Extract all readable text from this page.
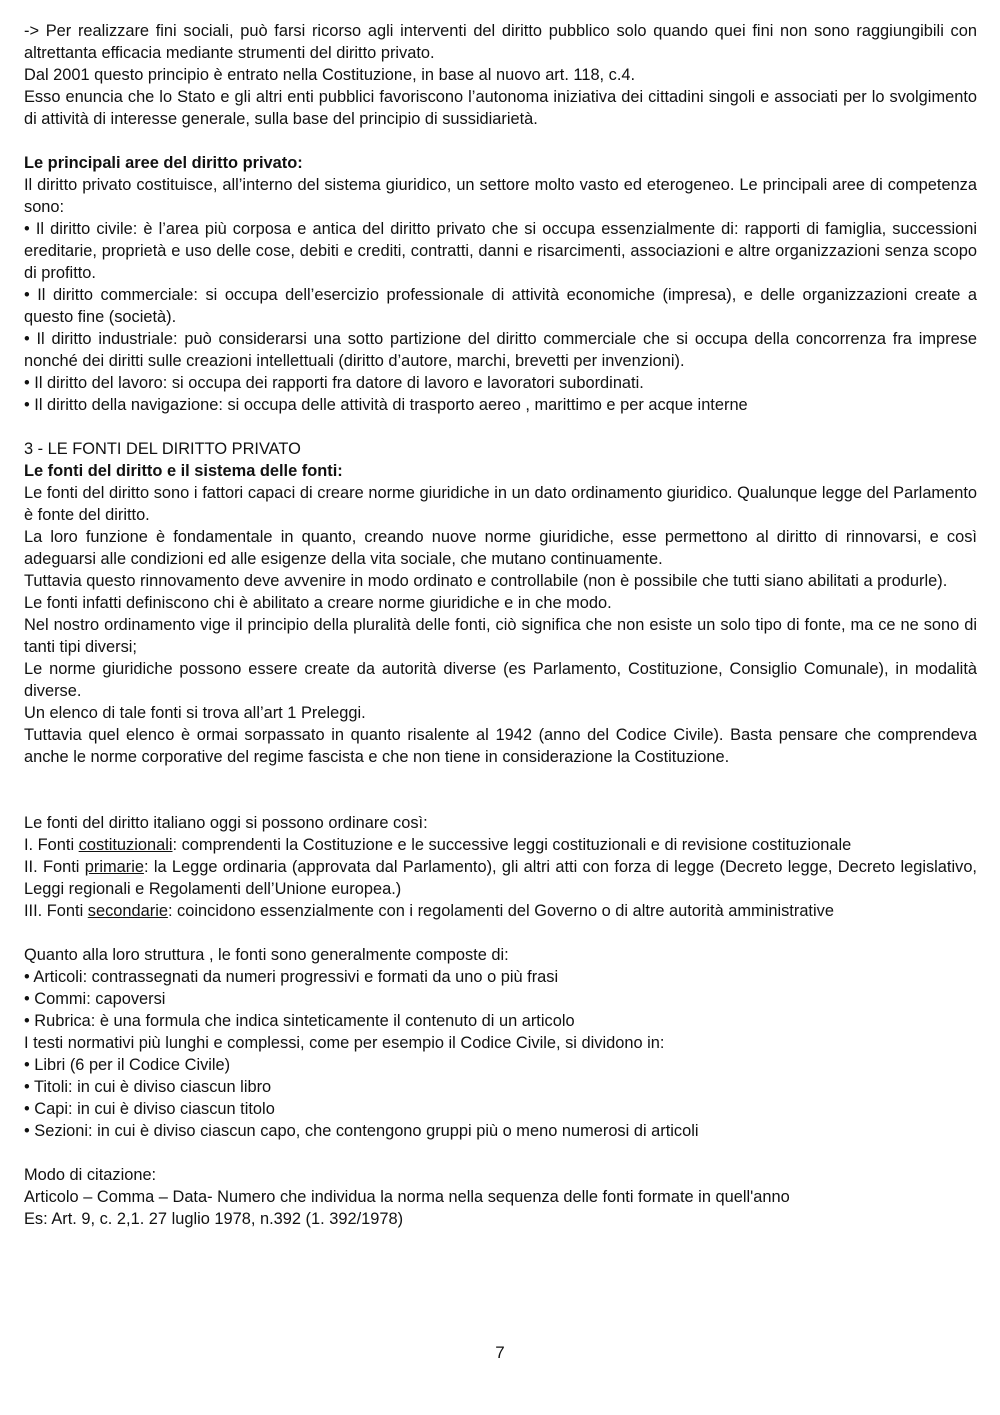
-> Per realizzare fini sociali, può farsi ricorso agli interventi del diritto pubblico solo quando quei fini non sono raggiungibili con altrettanta efficacia mediante strumenti del diritto privato.

Dal 2001 questo principio è entrato nella Costituzione, in base al nuovo art. 118, c.4.

Esso enuncia che lo Stato e gli altri enti pubblici favoriscono l’autonoma iniziativa dei cittadini singoli e associati per lo svolgimento di attività di interesse generale, sulla base del principio di sussidiarietà.

Le principali aree del diritto privato:

Il diritto privato costituisce, all’interno del sistema giuridico, un settore molto vasto ed eterogeneo. Le principali aree di competenza sono:

• Il diritto civile: è l’area più corposa e antica del diritto privato che si occupa essenzialmente di: rapporti di famiglia, successioni ereditarie, proprietà e uso delle cose, debiti e crediti, contratti, danni e risarcimenti, associazioni e altre organizzazioni senza scopo di profitto.

• Il diritto commerciale: si occupa dell’esercizio professionale di attività economiche (impresa), e delle organizzazioni create a questo fine (società).

• Il diritto industriale: può considerarsi una sotto partizione del diritto commerciale che si occupa della concorrenza fra imprese nonché dei diritti sulle creazioni intellettuali (diritto d’autore, marchi, brevetti per invenzioni).

• Il diritto del lavoro: si occupa dei rapporti fra datore di lavoro e lavoratori subordinati.

• Il diritto della navigazione: si occupa delle attività di trasporto aereo , marittimo e per acque interne

3 - LE FONTI DEL DIRITTO PRIVATO

Le fonti del diritto e il sistema delle fonti:

Le fonti del diritto sono i fattori capaci di creare norme giuridiche in un dato ordinamento giuridico. Qualunque legge del Parlamento è fonte del diritto.

La loro funzione è fondamentale in quanto, creando nuove norme giuridiche, esse permettono al diritto di rinnovarsi, e così adeguarsi alle condizioni ed alle esigenze della vita sociale, che mutano continuamente.

Tuttavia questo rinnovamento deve avvenire in modo ordinato e controllabile (non è possibile che tutti siano abilitati a produrle).

Le fonti infatti definiscono chi è abilitato a creare norme giuridiche e in che modo.

Nel nostro ordinamento vige il principio della pluralità delle fonti, ciò significa che non esiste un solo tipo di fonte, ma ce ne sono di tanti tipi diversi;

Le norme giuridiche possono essere create da autorità diverse (es Parlamento, Costituzione, Consiglio Comunale), in modalità diverse.

Un elenco di tale fonti si trova all’art 1 Preleggi.

Tuttavia quel elenco è ormai sorpassato in quanto risalente al 1942 (anno del Codice Civile). Basta pensare che comprendeva anche le norme corporative del regime fascista e che non tiene in considerazione la Costituzione.

Le fonti del diritto italiano oggi si possono ordinare così:

I. Fonti costituzionali: comprendenti la Costituzione e le successive leggi costituzionali e di revisione costituzionale

II. Fonti primarie: la Legge ordinaria (approvata dal Parlamento), gli altri atti con forza di legge (Decreto legge, Decreto legislativo, Leggi regionali e Regolamenti dell’Unione europea.)

III. Fonti secondarie: coincidono essenzialmente con i regolamenti del Governo o di altre autorità amministrative

Quanto alla loro struttura , le fonti sono generalmente composte di:

• Articoli: contrassegnati da numeri progressivi e formati da uno o più frasi

• Commi: capoversi

• Rubrica: è una formula che indica sinteticamente il contenuto di un articolo

I testi normativi più lunghi e complessi, come per esempio il Codice Civile, si dividono in:

• Libri (6 per il Codice Civile)

• Titoli: in cui è diviso ciascun libro

• Capi: in cui è diviso ciascun titolo

• Sezioni: in cui è diviso ciascun capo, che contengono gruppi più o meno numerosi di articoli

Modo di citazione:

Articolo – Comma – Data- Numero che individua la norma nella sequenza delle fonti formate in quell'anno

Es: Art. 9, c. 2,1. 27 luglio 1978, n.392 (1. 392/1978)

7
